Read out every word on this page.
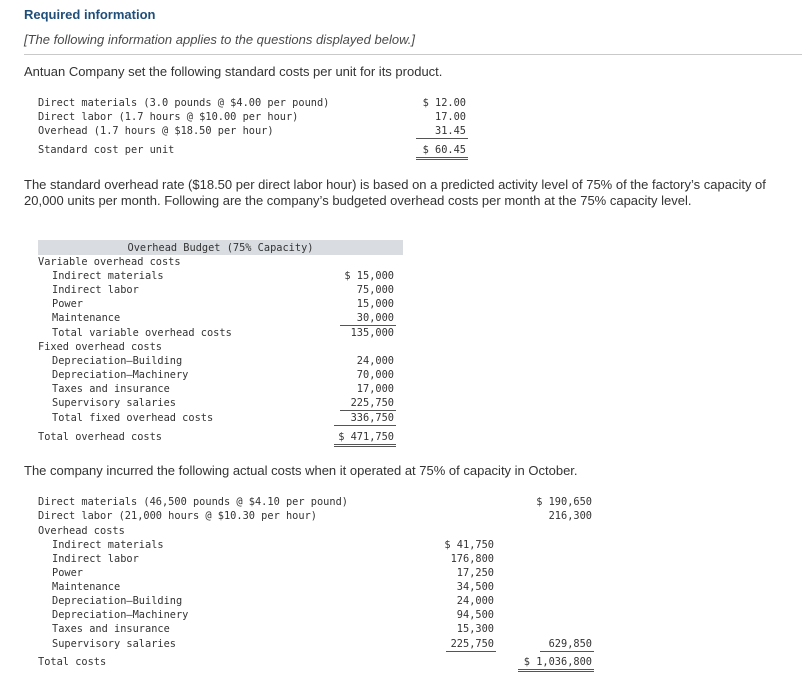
Required information
[The following information applies to the questions displayed below.]
Antuan Company set the following standard costs per unit for its product.
Direct materials (3.0 pounds @ $4.00 per pound)	$ 12.00
Direct labor (1.7 hours @ $10.00 per hour)	17.00
Overhead (1.7 hours @ $18.50 per hour)	31.45
Standard cost per unit	$ 60.45
The standard overhead rate ($18.50 per direct labor hour) is based on a predicted activity level of 75% of the factory’s capacity of 20,000 units per month. Following are the company’s budgeted overhead costs per month at the 75% capacity level.
Overhead Budget (75% Capacity)
Variable overhead costs
Indirect materials	$ 15,000
Indirect labor	75,000
Power	15,000
Maintenance	30,000
Total variable overhead costs	135,000
Fixed overhead costs
Depreciation—Building	24,000
Depreciation—Machinery	70,000
Taxes and insurance	17,000
Supervisory salaries	225,750
Total fixed overhead costs	336,750
Total overhead costs	$ 471,750
The company incurred the following actual costs when it operated at 75% of capacity in October.
Direct materials (46,500 pounds @ $4.10 per pound)	$ 190,650
Direct labor (21,000 hours @ $10.30 per hour)	216,300
Overhead costs
Indirect materials	$ 41,750
Indirect labor	176,800
Power	17,250
Maintenance	34,500
Depreciation—Building	24,000
Depreciation—Machinery	94,500
Taxes and insurance	15,300
Supervisory salaries	225,750	629,850
Total costs	$ 1,036,800
